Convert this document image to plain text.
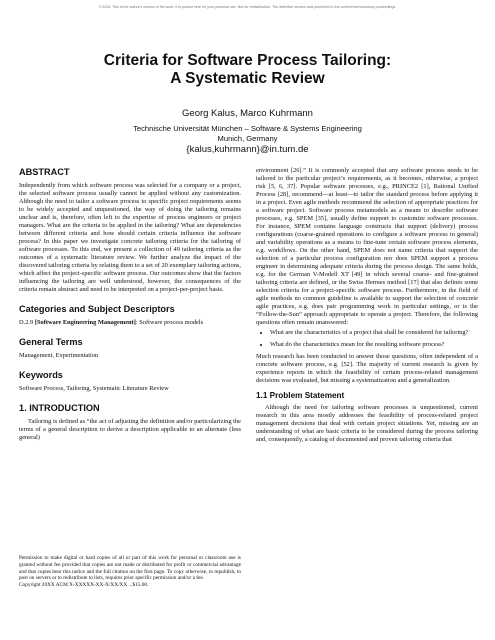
© ACM. This is the author's version of the work. It is posted here for your personal use. Not for redistribution. The definitive version was published in the conference/workshop proceedings.
Criteria for Software Process Tailoring:
A Systematic Review
Georg Kalus, Marco Kuhrmann
Technische Universität München – Software & Systems Engineering
Munich, Germany
{kalus,kuhrmann}@in.tum.de
ABSTRACT

Independently from which software process was selected for a company or a project, the selected software process usually cannot be applied without any customization. Although the need to tailor a software process to specific project requirements seems to be widely accepted and unquestioned, the way of doing the tailoring remains unclear and is, therefore, often left to the expertise of process engineers or project managers. What are the criteria to be applied in the tailoring? What are dependencies between different criteria and how should certain criteria influence the software process? In this paper we investigate concrete tailoring criteria for the tailoring of software processes. To this end, we present a collection of 49 tailoring criteria as the outcomes of a systematic literature review. We further analyze the impact of the discovered tailoring criteria by relating them to a set of 20 exemplary tailoring actions, which affect the project-specific software process. Our outcomes show that the factors influencing the tailoring are well understood, however, the consequences of the criteria remain abstract and need to be interpreted on a project-per-project basis.

Categories and Subject Descriptors

D.2.9 [Software Engineering Management]: Software process models

General Terms

Management, Experimentation

Keywords

Software Process, Tailoring, Systematic Literature Review

1. INTRODUCTION

Tailoring is defined as “the act of adjusting the definition and/or particularizing the terms of a general description to derive a description applicable to an alternate (less general)

Permission to make digital or hard copies of all or part of this work for personal or classroom use is granted without fee provided that copies are not made or distributed for profit or commercial advantage and that copies bear this notice and the full citation on the first page. To copy otherwise, to republish, to post on servers or to redistribute to lists, requires prior specific permission and/or a fee.
Copyright 20XX ACM X-XXXXX-XX-X/XX/XX ...$15.00.

environment [26].” It is commonly accepted that any software process needs to be tailored to the particular project’s requirements, as it becomes, otherwise, a project risk [5, 6, 37]. Popular software processes, e.g., PRINCE2 [1], Rational Unified Process [28], recommend—at least—to tailor the standard process before applying it in a project. Even agile methods recommend the selection of appropriate practices for a software project. Software process metamodels as a means to describe software processes, e.g. SPEM [35], usually define support to customize software processes. For instance, SPEM contains language constructs that support (delivery) process configurations (coarse-grained operations to configure a software process in general) and variability operations as a means to fine-tune certain software process elements, e.g. workflows. On the other hand, SPEM does not name criteria that support the selection of a particular process configuration nor does SPEM support a process engineer in determining adequate criteria during the process design. The same holds, e.g. for the German V-Modell XT [49] in which several coarse- and fine-grained tailoring criteria are defined, or the Swiss Hermes method [17] that also defines some selection criteria for a project-specific software process. Furthermore, in the field of agile methods no common guideline is available to support the selection of concrete agile practices, e.g. does pair programming work in particular settings, or is the “Follow-the-Sun” approach appropriate to operate a project. Therefore, the following questions often remain unanswered:

• What are the characteristics of a project that shall be considered for tailoring?
• What do the characteristics mean for the resulting software process?

Much research has been conducted to answer those questions, often independent of a concrete software process, e.g. [52]. The majority of current research is given by experience reports in which the feasibility of certain process-related management decisions was evaluated, but missing a systematization and a generalization.

1.1 Problem Statement

Although the need for tailoring software processes is unquestioned, current research in this area mostly addresses the feasibility of process-related project management decisions that deal with certain project situations. Yet, missing are an understanding of what are basic criteria to be considered during the process tailoring and, consequently, a catalog of documented and proven tailoring criteria that
